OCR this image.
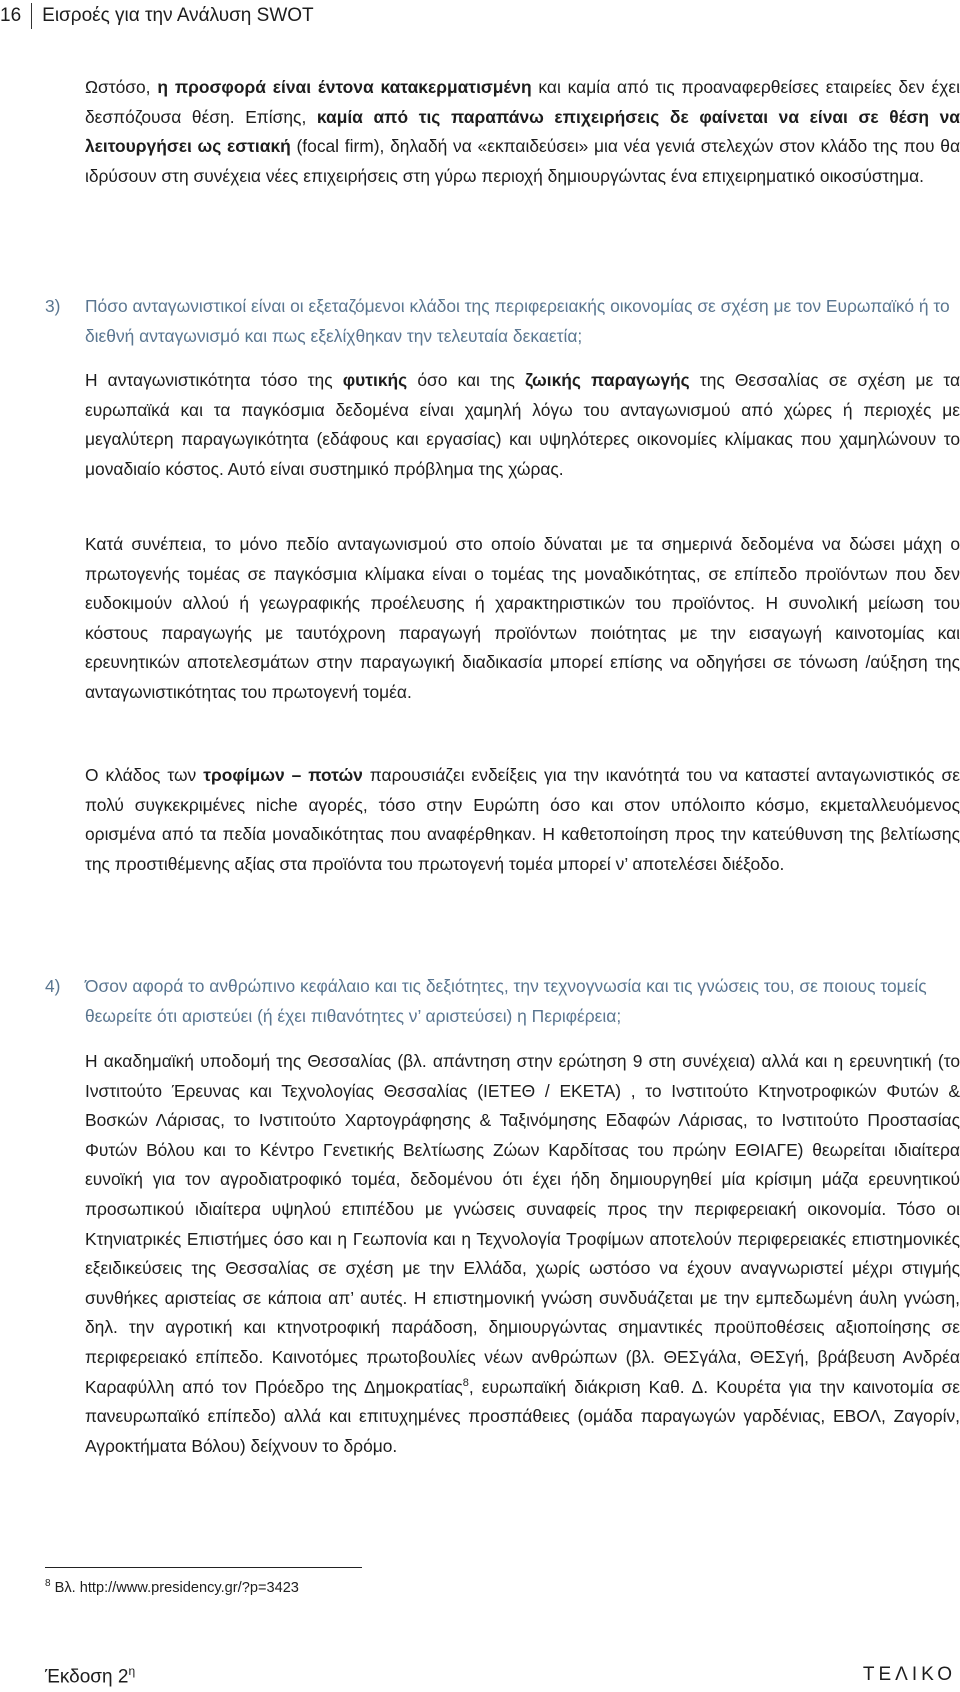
16	Εισροές για την Ανάλυση SWOT

Ωστόσο, η προσφορά είναι έντονα κατακερματισμένη και καμία από τις προαναφερθείσες εταιρείες δεν έχει δεσπόζουσα θέση. Επίσης, καμία από τις παραπάνω επιχειρήσεις δε φαίνεται να είναι σε θέση να λειτουργήσει ως εστιακή (focal firm), δηλαδή να «εκπαιδεύσει» μια νέα γενιά στελεχών στον κλάδο της που θα ιδρύσουν στη συνέχεια νέες επιχειρήσεις στη γύρω περιοχή δημιουργώντας ένα επιχειρηματικό οικοσύστημα.

3)	Πόσο ανταγωνιστικοί είναι οι εξεταζόμενοι κλάδοι της περιφερειακής οικονομίας σε σχέση με τον Ευρωπαϊκό ή το διεθνή ανταγωνισμό και πως εξελίχθηκαν την τελευταία δεκαετία;

Η ανταγωνιστικότητα τόσο της φυτικής όσο και της ζωικής παραγωγής της Θεσσαλίας σε σχέση με τα ευρωπαϊκά και τα παγκόσμια δεδομένα είναι χαμηλή λόγω του ανταγωνισμού από χώρες ή περιοχές με μεγαλύτερη παραγωγικότητα (εδάφους και εργασίας) και υψηλότερες οικονομίες κλίμακας που χαμηλώνουν το μοναδιαίο κόστος. Αυτό είναι συστημικό πρόβλημα της χώρας.

Κατά συνέπεια, το μόνο πεδίο ανταγωνισμού στο οποίο δύναται με τα σημερινά δεδομένα να δώσει μάχη ο πρωτογενής τομέας σε παγκόσμια κλίμακα είναι ο τομέας της μοναδικότητας, σε επίπεδο προϊόντων που δεν ευδοκιμούν αλλού ή γεωγραφικής προέλευσης ή χαρακτηριστικών του προϊόντος. Η συνολική μείωση του κόστους παραγωγής με ταυτόχρονη παραγωγή προϊόντων ποιότητας με την εισαγωγή καινοτομίας και ερευνητικών αποτελεσμάτων στην παραγωγική διαδικασία μπορεί επίσης να οδηγήσει σε τόνωση /αύξηση της ανταγωνιστικότητας του πρωτογενή τομέα.

Ο κλάδος των τροφίμων – ποτών παρουσιάζει ενδείξεις για την ικανότητά του να καταστεί ανταγωνιστικός σε πολύ συγκεκριμένες niche αγορές, τόσο στην Ευρώπη όσο και στον υπόλοιπο κόσμο, εκμεταλλευόμενος ορισμένα από τα πεδία μοναδικότητας που αναφέρθηκαν. Η καθετοποίηση προς την κατεύθυνση της βελτίωσης της προστιθέμενης αξίας στα προϊόντα του πρωτογενή τομέα μπορεί ν’ αποτελέσει διέξοδο.

4)	Όσον αφορά το ανθρώπινο κεφάλαιο και τις δεξιότητες, την τεχνογνωσία και τις γνώσεις του, σε ποιους τομείς θεωρείτε ότι αριστεύει (ή έχει πιθανότητες ν’ αριστεύσει) η Περιφέρεια;

Η ακαδημαϊκή υποδομή της Θεσσαλίας (βλ. απάντηση στην ερώτηση 9 στη συνέχεια) αλλά και η ερευνητική (το Ινστιτούτο Έρευνας και Τεχνολογίας Θεσσαλίας (ΙΕΤΕΘ / ΕΚΕΤΑ) , το Ινστιτούτο Κτηνοτροφικών Φυτών & Βοσκών Λάρισας, το Ινστιτούτο Χαρτογράφησης & Ταξινόμησης Εδαφών Λάρισας, το Ινστιτούτο Προστασίας Φυτών Βόλου και το Κέντρο Γενετικής Βελτίωσης Ζώων Καρδίτσας του πρώην ΕΘΙΑΓΕ) θεωρείται ιδιαίτερα ευνοϊκή για τον αγροδιατροφικό τομέα, δεδομένου ότι έχει ήδη δημιουργηθεί μία κρίσιμη μάζα ερευνητικού προσωπικού ιδιαίτερα υψηλού επιπέδου με γνώσεις συναφείς προς την περιφερειακή οικονομία. Τόσο οι Κτηνιατρικές Επιστήμες όσο και η Γεωπονία και η Τεχνολογία Τροφίμων αποτελούν περιφερειακές επιστημονικές εξειδικεύσεις της Θεσσαλίας σε σχέση με την Ελλάδα, χωρίς ωστόσο να έχουν αναγνωριστεί μέχρι στιγμής συνθήκες αριστείας σε κάποια απ’ αυτές. Η επιστημονική γνώση συνδυάζεται με την εμπεδωμένη άυλη γνώση, δηλ. την αγροτική και κτηνοτροφική παράδοση, δημιουργώντας σημαντικές προϋποθέσεις αξιοποίησης σε περιφερειακό επίπεδο. Καινοτόμες πρωτοβουλίες νέων ανθρώπων (βλ. ΘΕΣγάλα, ΘΕΣγή, βράβευση Ανδρέα Καραφύλλη από τον Πρόεδρο της Δημοκρατίας$^8$, ευρωπαϊκή διάκριση Καθ. Δ. Κουρέτα για την καινοτομία σε πανευρωπαϊκό επίπεδο) αλλά και επιτυχημένες προσπάθειες (ομάδα παραγωγών γαρδένιας, ΕΒΟΛ, Ζαγορίν, Αγροκτήματα Βόλου) δείχνουν το δρόμο.

$^8$ Βλ. http://www.presidency.gr/?p=3423
Έκδοση $2^\eta$	ΤΕΛΙΚΟ
